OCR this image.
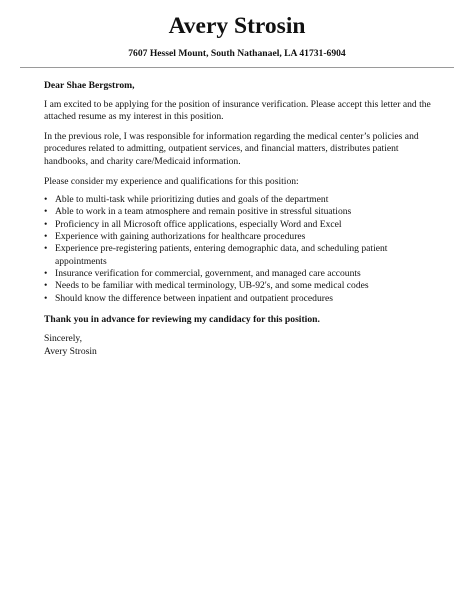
Avery Strosin
7607 Hessel Mount, South Nathanael, LA 41731-6904
Dear Shae Bergstrom,

I am excited to be applying for the position of insurance verification. Please accept this letter and the attached resume as my interest in this position.

In the previous role, I was responsible for information regarding the medical center’s policies and procedures related to admitting, outpatient services, and financial matters, distributes patient handbooks, and charity care/Medicaid information.

Please consider my experience and qualifications for this position:

• Able to multi-task while prioritizing duties and goals of the department
• Able to work in a team atmosphere and remain positive in stressful situations
• Proficiency in all Microsoft office applications, especially Word and Excel
• Experience with gaining authorizations for healthcare procedures
• Experience pre-registering patients, entering demographic data, and scheduling patient appointments
• Insurance verification for commercial, government, and managed care accounts
• Needs to be familiar with medical terminology, UB-92's, and some medical codes
• Should know the difference between inpatient and outpatient procedures
Thank you in advance for reviewing my candidacy for this position.
Sincerely,
Avery Strosin
